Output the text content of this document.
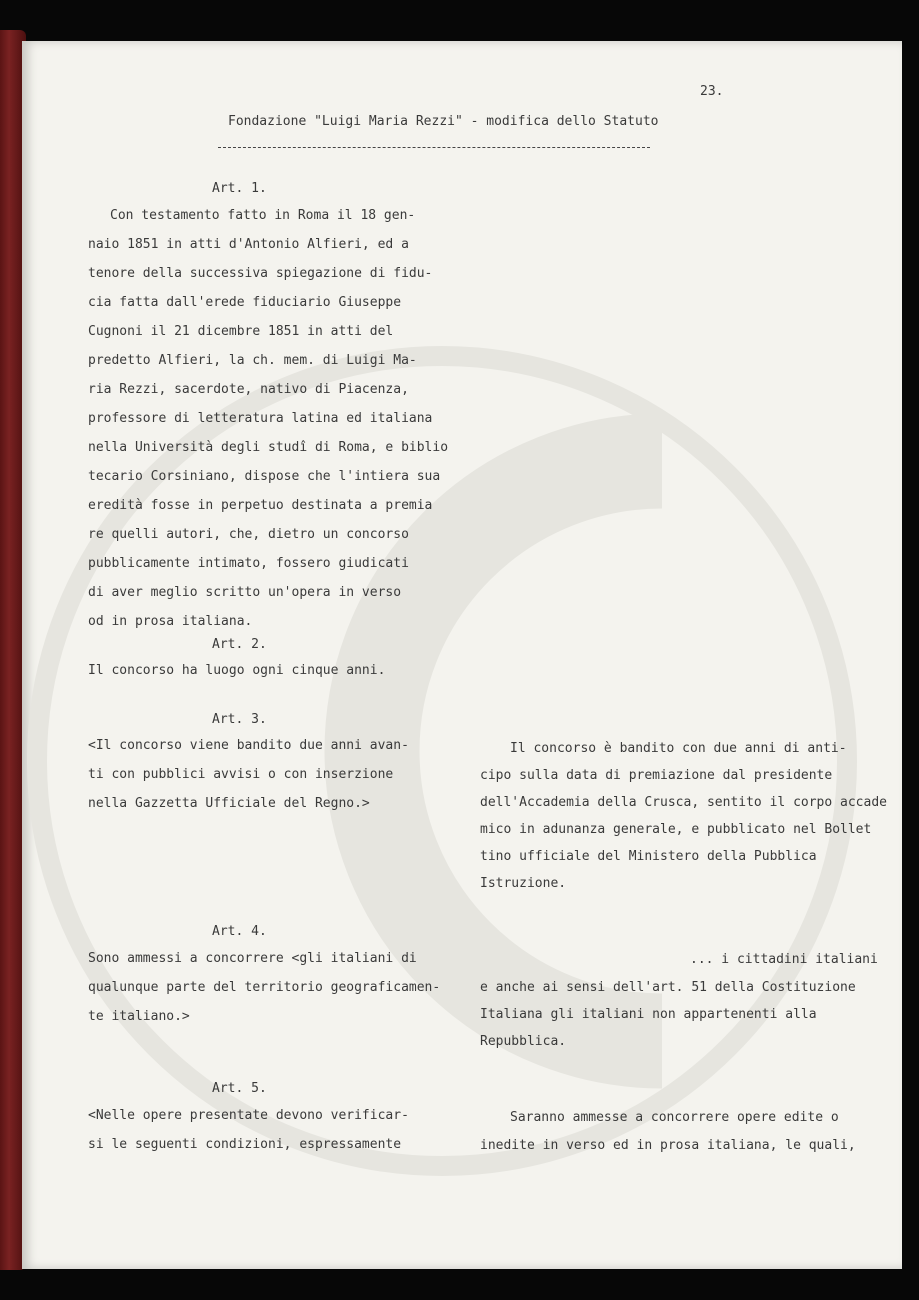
23.
Fondazione "Luigi Maria Rezzi" - modifica dello Statuto
Art. 1.
Con testamento fatto in Roma il 18 gen-
naio 1851 in atti d'Antonio Alfieri, ed a
tenore della successiva spiegazione di fidu-
cia fatta dall'erede fiduciario Giuseppe
Cugnoni il 21 dicembre 1851 in atti del
predetto Alfieri, la ch. mem. di Luigi Ma-
ria Rezzi, sacerdote, nativo di Piacenza,
professore di letteratura latina ed italiana
nella Università degli studî di Roma, e biblio
tecario Corsiniano, dispose che l'intiera sua
eredità fosse in perpetuo destinata a premia
re quelli autori, che, dietro un concorso
pubblicamente intimato, fossero giudicati
di aver meglio scritto un'opera in verso
od in prosa italiana.
Art. 2.
Il concorso ha luogo ogni cinque anni.
Art. 3.
<Il concorso viene bandito due anni avan-
ti con pubblici avvisi o con inserzione
nella Gazzetta Ufficiale del Regno.>
Il concorso è bandito con due anni di anti-
cipo sulla data di premiazione dal presidente
dell'Accademia della Crusca, sentito il corpo accade
mico in adunanza generale, e pubblicato nel Bollet
tino ufficiale del Ministero della Pubblica
Istruzione.
Art. 4.
Sono ammessi a concorrere <gli italiani di
qualunque parte del territorio geograficamen-
te italiano.>
... i cittadini italiani
e anche ai sensi dell'art. 51 della Costituzione
Italiana gli italiani non appartenenti alla
Repubblica.
Art. 5.
<Nelle opere presentate devono verificar-
si le seguenti condizioni, espressamente
Saranno ammesse a concorrere opere edite o
inedite in verso ed in prosa italiana, le quali,
